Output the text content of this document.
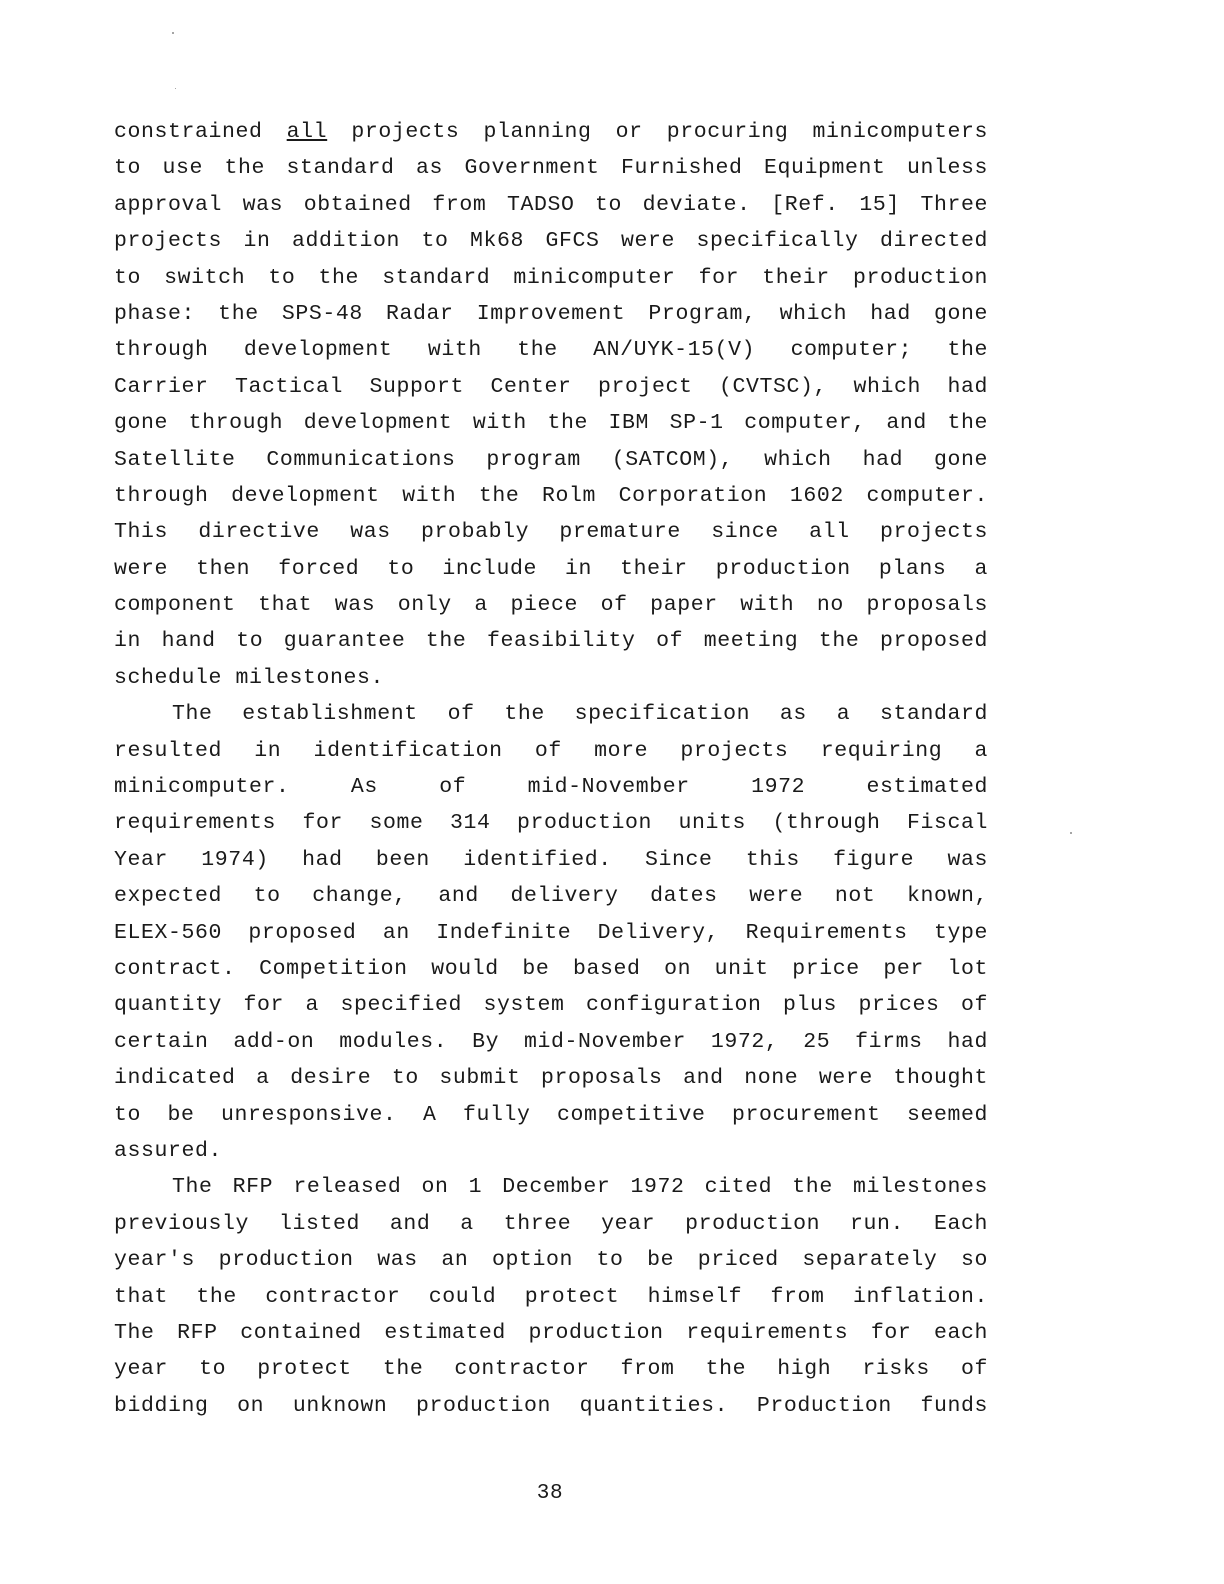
constrained all projects planning or procuring minicomputers
to use the standard as Government Furnished Equipment unless
approval was obtained from TADSO to deviate. [Ref. 15] Three
projects in addition to Mk68 GFCS were specifically directed
to switch to the standard minicomputer for their production
phase: the SPS-48 Radar Improvement Program, which had gone
through development with the AN/UYK-15(V) computer; the
Carrier Tactical Support Center project (CVTSC), which had
gone through development with the IBM SP-1 computer, and the
Satellite Communications program (SATCOM), which had gone
through development with the Rolm Corporation 1602 computer.
This directive was probably premature since all projects
were then forced to include in their production plans a
component that was only a piece of paper with no proposals
in hand to guarantee the feasibility of meeting the proposed
schedule milestones.
The establishment of the specification as a standard
resulted in identification of more projects requiring a
minicomputer. As of mid-November 1972 estimated
requirements for some 314 production units (through Fiscal
Year 1974) had been identified. Since this figure was
expected to change, and delivery dates were not known,
ELEX-560 proposed an Indefinite Delivery, Requirements type
contract. Competition would be based on unit price per lot
quantity for a specified system configuration plus prices of
certain add-on modules. By mid-November 1972, 25 firms had
indicated a desire to submit proposals and none were thought
to be unresponsive. A fully competitive procurement seemed
assured.
The RFP released on 1 December 1972 cited the milestones
previously listed and a three year production run. Each
year's production was an option to be priced separately so
that the contractor could protect himself from inflation.
The RFP contained estimated production requirements for each
year to protect the contractor from the high risks of
bidding on unknown production quantities. Production funds
38
